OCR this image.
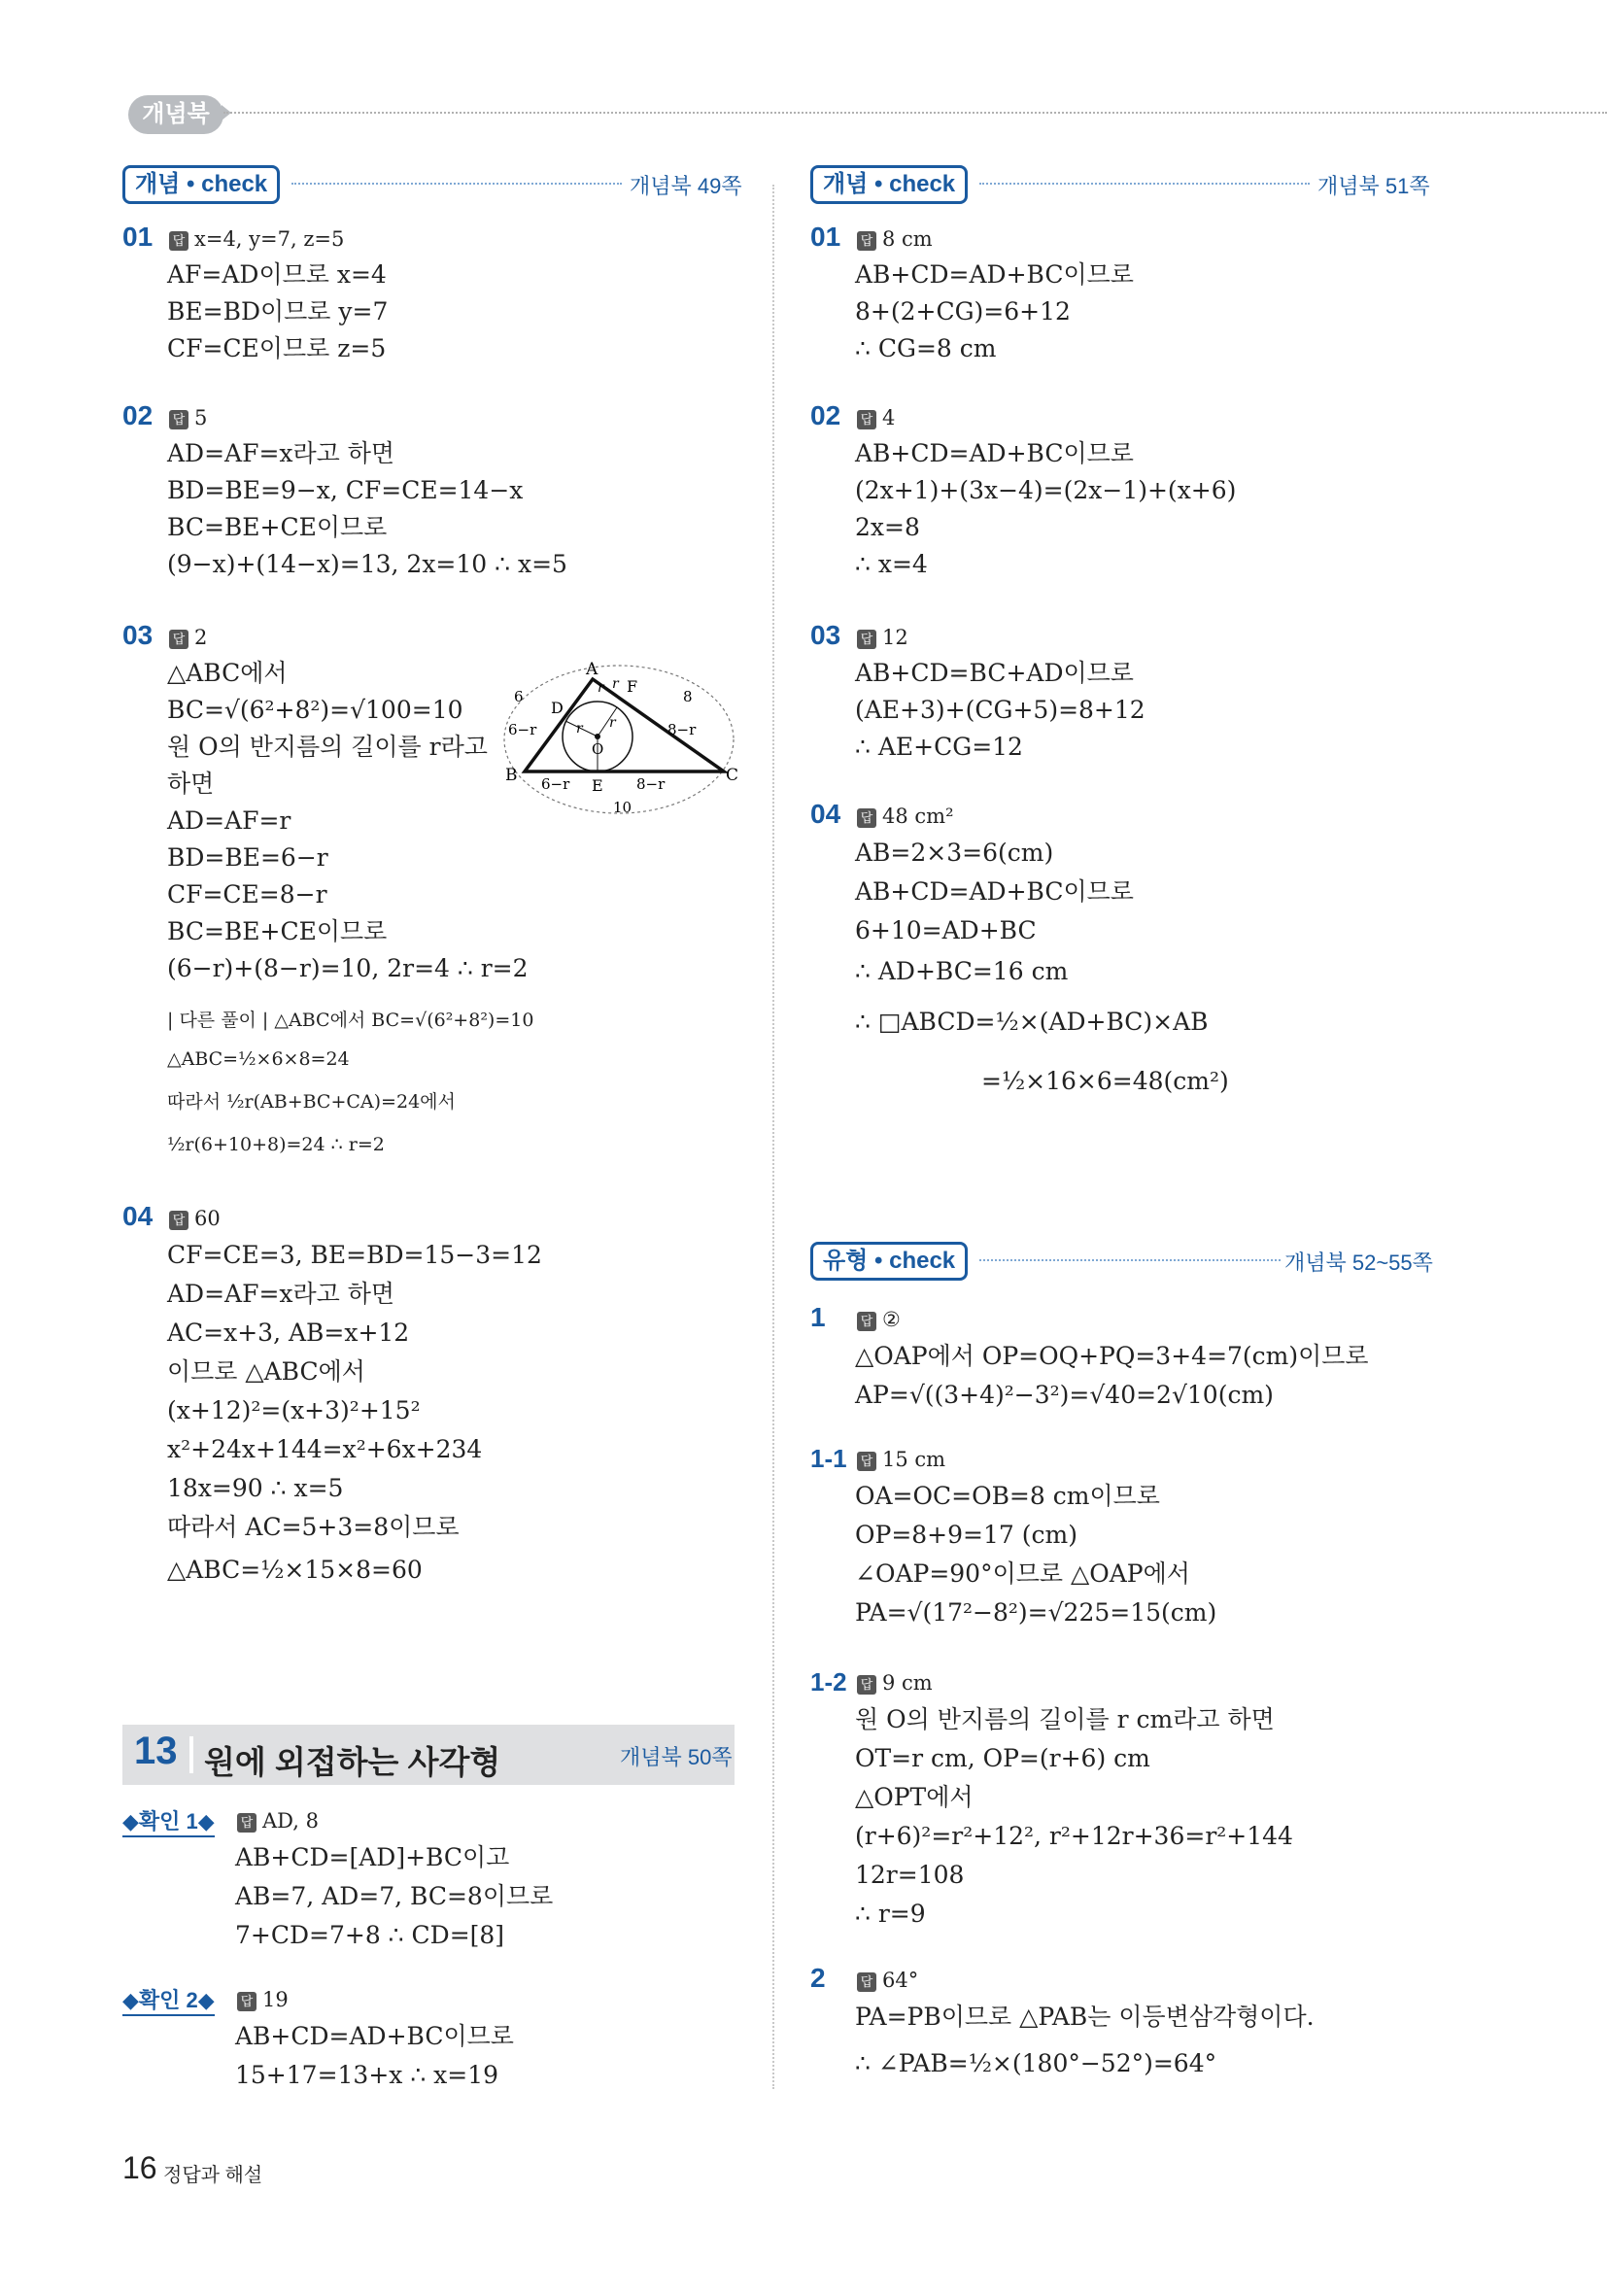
개념북
개념 • check	개념북 49쪽
01 답 x=4, y=7, z=5
AF=AD이므로 x=4
BE=BD이므로 y=7
CF=CE이므로 z=5
02 답 5
AD=AF=x라고 하면
BD=BE=9−x, CF=CE=14−x
BC=BE+CE이므로
(9−x)+(14−x)=13, 2x=10 ∴ x=5
03 답 2
△ABC에서
BC=√(6²+8²)=√100=10
원 O의 반지름의 길이를 r라고
하면
AD=AF=r
BD=BE=6−r
CF=CE=8−r
BC=BE+CE이므로
(6−r)+(8−r)=10, 2r=4 ∴ r=2
| 다른 풀이 | △ABC에서 BC=√(6²+8²)=10
△ABC=½×6×8=24
따라서 ½r(AB+BC+CA)=24에서
½r(6+10+8)=24 ∴ r=2
A
B	C
D
E
F
O
r r
r r
6
6−r
8
8−r
6−r	8−r
10
04 답 60
CF=CE=3, BE=BD=15−3=12
AD=AF=x라고 하면
AC=x+3, AB=x+12
이므로 △ABC에서
(x+12)²=(x+3)²+15²
x²+24x+144=x²+6x+234
18x=90 ∴ x=5
따라서 AC=5+3=8이므로
△ABC=½×15×8=60
13 원에 외접하는 사각형	개념북 50쪽
◆확인 1◆ 답 AD, 8
AB+CD=[AD]+BC이고
AB=7, AD=7, BC=8이므로
7+CD=7+8 ∴ CD=[8]
◆확인 2◆ 답 19
AB+CD=AD+BC이므로
15+17=13+x ∴ x=19
개념 • check	개념북 51쪽
01 답 8 cm
AB+CD=AD+BC이므로
8+(2+CG)=6+12
∴ CG=8 cm
02 답 4
AB+CD=AD+BC이므로
(2x+1)+(3x−4)=(2x−1)+(x+6)
2x=8
∴ x=4
03 답 12
AB+CD=BC+AD이므로
(AE+3)+(CG+5)=8+12
∴ AE+CG=12
04 답 48 cm²
AB=2×3=6(cm)
AB+CD=AD+BC이므로
6+10=AD+BC
∴ AD+BC=16 cm
∴ □ABCD=½×(AD+BC)×AB
=½×16×6=48(cm²)
유형 • check	개념북 52~55쪽
1	답 ②
△OAP에서 OP=OQ+PQ=3+4=7(cm)이므로
AP=√((3+4)²−3²)=√40=2√10(cm)
1-1 답 15 cm
OA=OC=OB=8 cm이므로
OP=8+9=17 (cm)
∠OAP=90°이므로 △OAP에서
PA=√(17²−8²)=√225=15(cm)
1-2 답 9 cm
원 O의 반지름의 길이를 r cm라고 하면
OT=r cm, OP=(r+6) cm
△OPT에서
(r+6)²=r²+12², r²+12r+36=r²+144
12r=108
∴ r=9
2	답 64°
PA=PB이므로 △PAB는 이등변삼각형이다.
∴ ∠PAB=½×(180°−52°)=64°
16 정답과 해설
